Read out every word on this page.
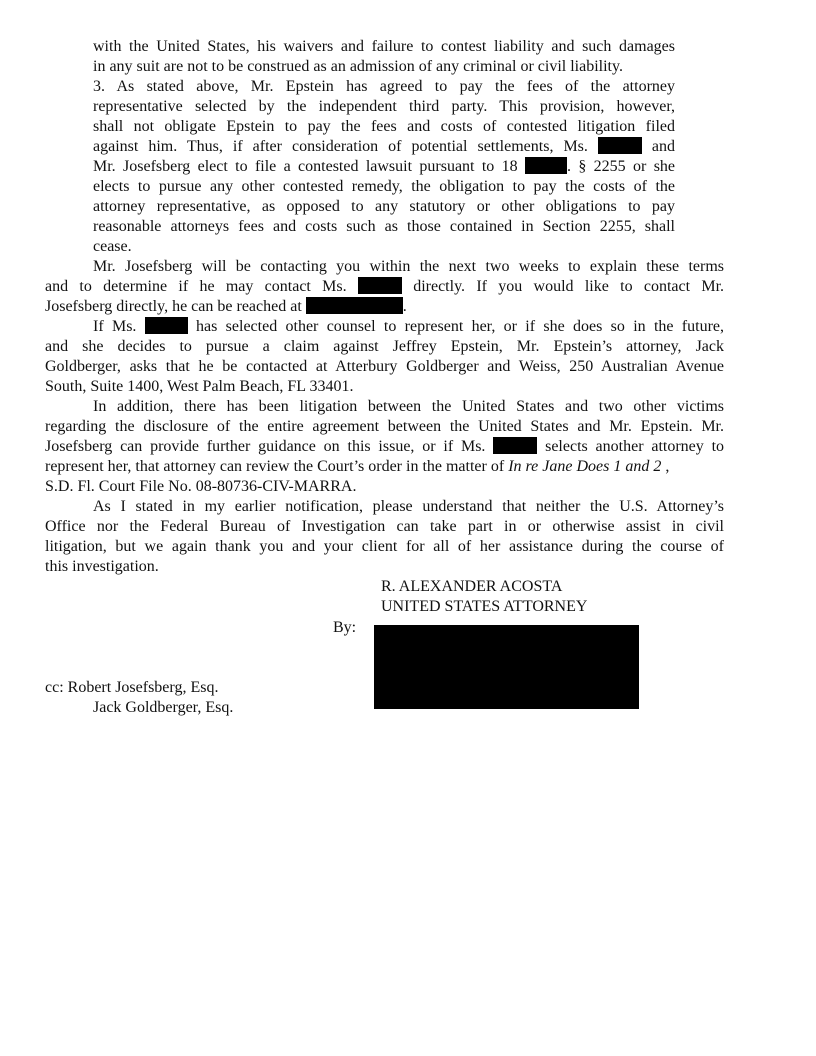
with the United States, his waivers and failure to contest liability and such damages
in any suit are not to be construed as an admission of any criminal or civil liability.
3. As stated above, Mr. Epstein has agreed to pay the fees of the attorney
representative selected by the independent third party. This provision, however,
shall not obligate Epstein to pay the fees and costs of contested litigation filed
against him. Thus, if after consideration of potential settlements, Ms.	and
Mr. Josefsberg elect to file a contested lawsuit pursuant to 18	. § 2255 or she
elects to pursue any other contested remedy, the obligation to pay the costs of the
attorney representative, as opposed to any statutory or other obligations to pay
reasonable attorneys fees and costs such as those contained in Section 2255, shall
cease.
Mr. Josefsberg will be contacting you within the next two weeks to explain these terms
and to determine if he may contact Ms.	directly. If you would like to contact Mr.
Josefsberg directly, he can be reached at	.
If Ms.	has selected other counsel to represent her, or if she does so in the future,
and she decides to pursue a claim against Jeffrey Epstein, Mr. Epstein’s attorney, Jack
Goldberger, asks that he be contacted at Atterbury Goldberger and Weiss, 250 Australian Avenue
South, Suite 1400, West Palm Beach, FL 33401.
In addition, there has been litigation between the United States and two other victims
regarding the disclosure of the entire agreement between the United States and Mr. Epstein. Mr.
Josefsberg can provide further guidance on this issue, or if Ms.	selects another attorney to
represent her, that attorney can review the Court’s order in the matter of In re Jane Does 1 and 2 ,
S.D. Fl. Court File No. 08-80736-CIV-MARRA.
As I stated in my earlier notification, please understand that neither the U.S. Attorney’s
Office nor the Federal Bureau of Investigation can take part in or otherwise assist in civil
litigation, but we again thank you and your client for all of her assistance during the course of
this investigation.
R. ALEXANDER ACOSTA
UNITED STATES ATTORNEY
By:
cc: Robert Josefsberg, Esq.
Jack Goldberger, Esq.
